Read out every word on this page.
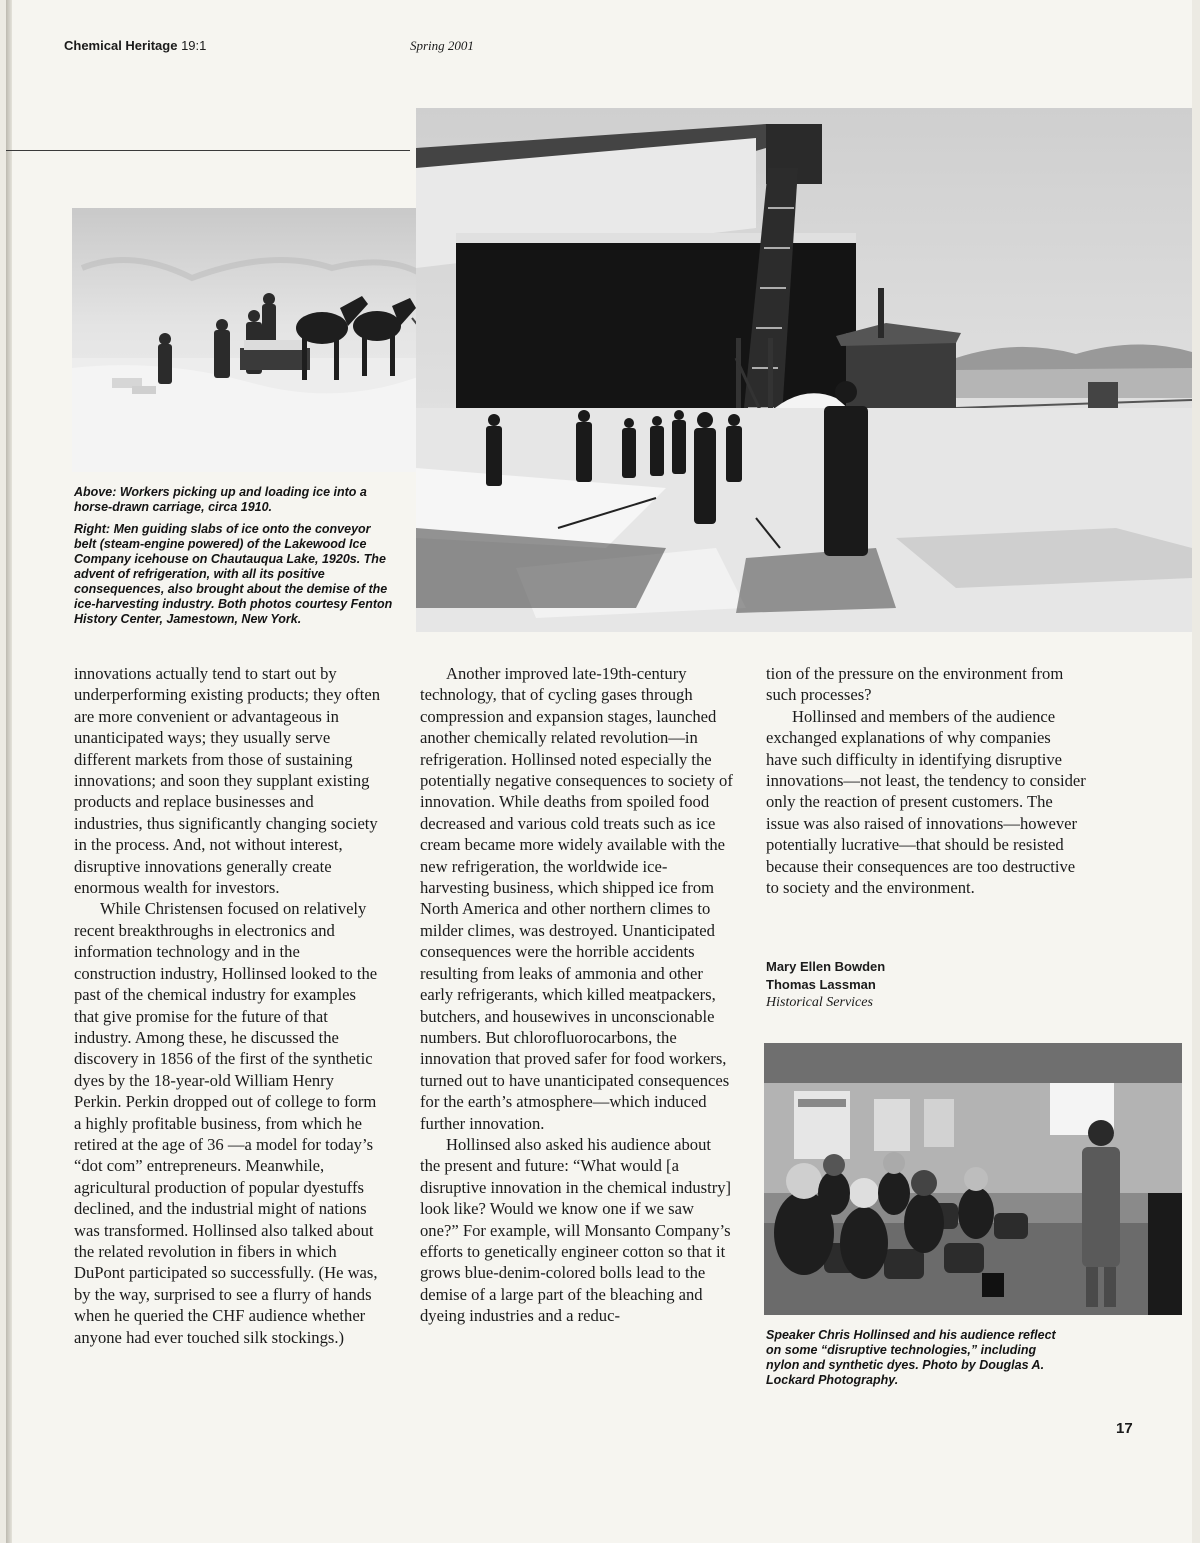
Chemical Heritage 19:1	Spring 2001

Above: Workers picking up and loading ice into a horse-drawn carriage, circa 1910.

Right: Men guiding slabs of ice onto the conveyor belt (steam-engine powered) of the Lakewood Ice Company icehouse on Chautauqua Lake, 1920s. The advent of refrigeration, with all its positive consequences, also brought about the demise of the ice-harvesting industry. Both photos courtesy Fenton History Center, Jamestown, New York.

innovations actually tend to start out by underperforming existing products; they often are more convenient or advantageous in unanticipated ways; they usually serve different markets from those of sustaining innovations; and soon they supplant existing products and replace businesses and industries, thus significantly changing society in the process. And, not without interest, disruptive innovations generally create enormous wealth for investors.

While Christensen focused on relatively recent breakthroughs in electronics and information technology and in the construction industry, Hollinsed looked to the past of the chemical industry for examples that give promise for the future of that industry. Among these, he discussed the discovery in 1856 of the first of the synthetic dyes by the 18-year-old William Henry Perkin. Perkin dropped out of college to form a highly profitable business, from which he retired at the age of 36 —a model for today’s “dot com” entrepreneurs. Meanwhile, agricultural production of popular dyestuffs declined, and the industrial might of nations was transformed. Hollinsed also talked about the related revolution in fibers in which DuPont participated so successfully. (He was, by the way, surprised to see a flurry of hands when he queried the CHF audience whether anyone had ever touched silk stockings.)

Another improved late-19th-century technology, that of cycling gases through compression and expansion stages, launched another chemically related revolution—in refrigeration. Hollinsed noted especially the potentially negative consequences to society of innovation. While deaths from spoiled food decreased and various cold treats such as ice cream became more widely available with the new refrigeration, the worldwide ice-harvesting business, which shipped ice from North America and other northern climes to milder climes, was destroyed. Unanticipated consequences were the horrible accidents resulting from leaks of ammonia and other early refrigerants, which killed meatpackers, butchers, and housewives in unconscionable numbers. But chlorofluorocarbons, the innovation that proved safer for food workers, turned out to have unanticipated consequences for the earth’s atmosphere—which induced further innovation.

Hollinsed also asked his audience about the present and future: “What would [a disruptive innovation in the chemical industry] look like? Would we know one if we saw one?” For example, will Monsanto Company’s efforts to genetically engineer cotton so that it grows blue-denim-colored bolls lead to the demise of a large part of the bleaching and dyeing industries and a reduc-

tion of the pressure on the environment from such processes?

Hollinsed and members of the audience exchanged explanations of why companies have such difficulty in identifying disruptive innovations—not least, the tendency to consider only the reaction of present customers. The issue was also raised of innovations—however potentially lucrative—that should be resisted because their consequences are too destructive to society and the environment.

Mary Ellen Bowden
Thomas Lassman
Historical Services

Speaker Chris Hollinsed and his audience reflect on some “disruptive technologies,” including nylon and synthetic dyes. Photo by Douglas A. Lockard Photography.

17
